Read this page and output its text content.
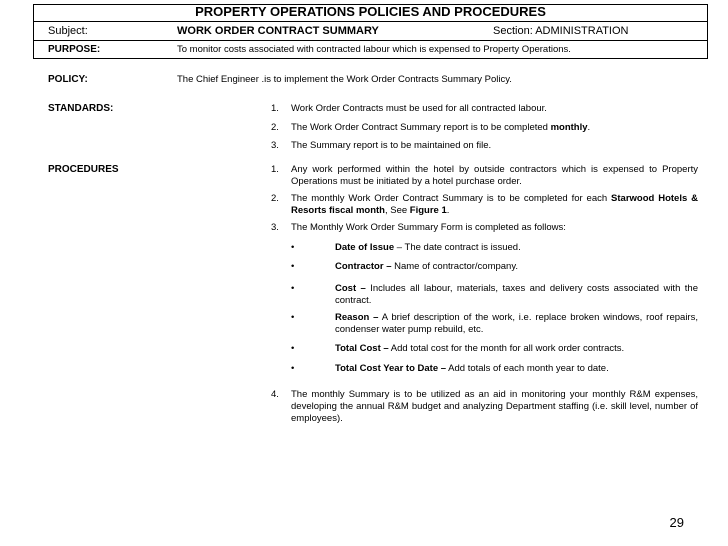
PROPERTY OPERATIONS POLICIES AND PROCEDURES
Subject:	WORK ORDER CONTRACT SUMMARY	Section: ADMINISTRATION
PURPOSE:	To monitor costs associated with contracted labour which is expensed to Property Operations.
POLICY:	The Chief Engineer .is to implement the Work Order Contracts Summary Policy.
STANDARDS:	1. Work Order Contracts must be used for all contracted labour.
2. The Work Order Contract Summary report is to be completed monthly.
3. The Summary report is to be maintained on file.
PROCEDURES	1. Any work performed within the hotel by outside contractors which is expensed to Property Operations must be initiated by a hotel purchase order.
2. The monthly Work Order Contract Summary is to be completed for each Starwood Hotels & Resorts fiscal month, See Figure 1.
3. The Monthly Work Order Summary Form is completed as follows:
•	Date of Issue – The date contract is issued.
•	Contractor – Name of contractor/company.
•	Cost – Includes all labour, materials, taxes and delivery costs associated with the contract.
•	Reason – A brief description of the work, i.e. replace broken windows, roof repairs, condenser water pump rebuild, etc.
•	Total Cost – Add total cost for the month for all work order contracts.
•	Total Cost Year to Date – Add totals of each month year to date.
4. The monthly Summary is to be utilized as an aid in monitoring your monthly R&M expenses, developing the annual R&M budget and analyzing Department staffing (i.e. skill level, number of employees).
29
